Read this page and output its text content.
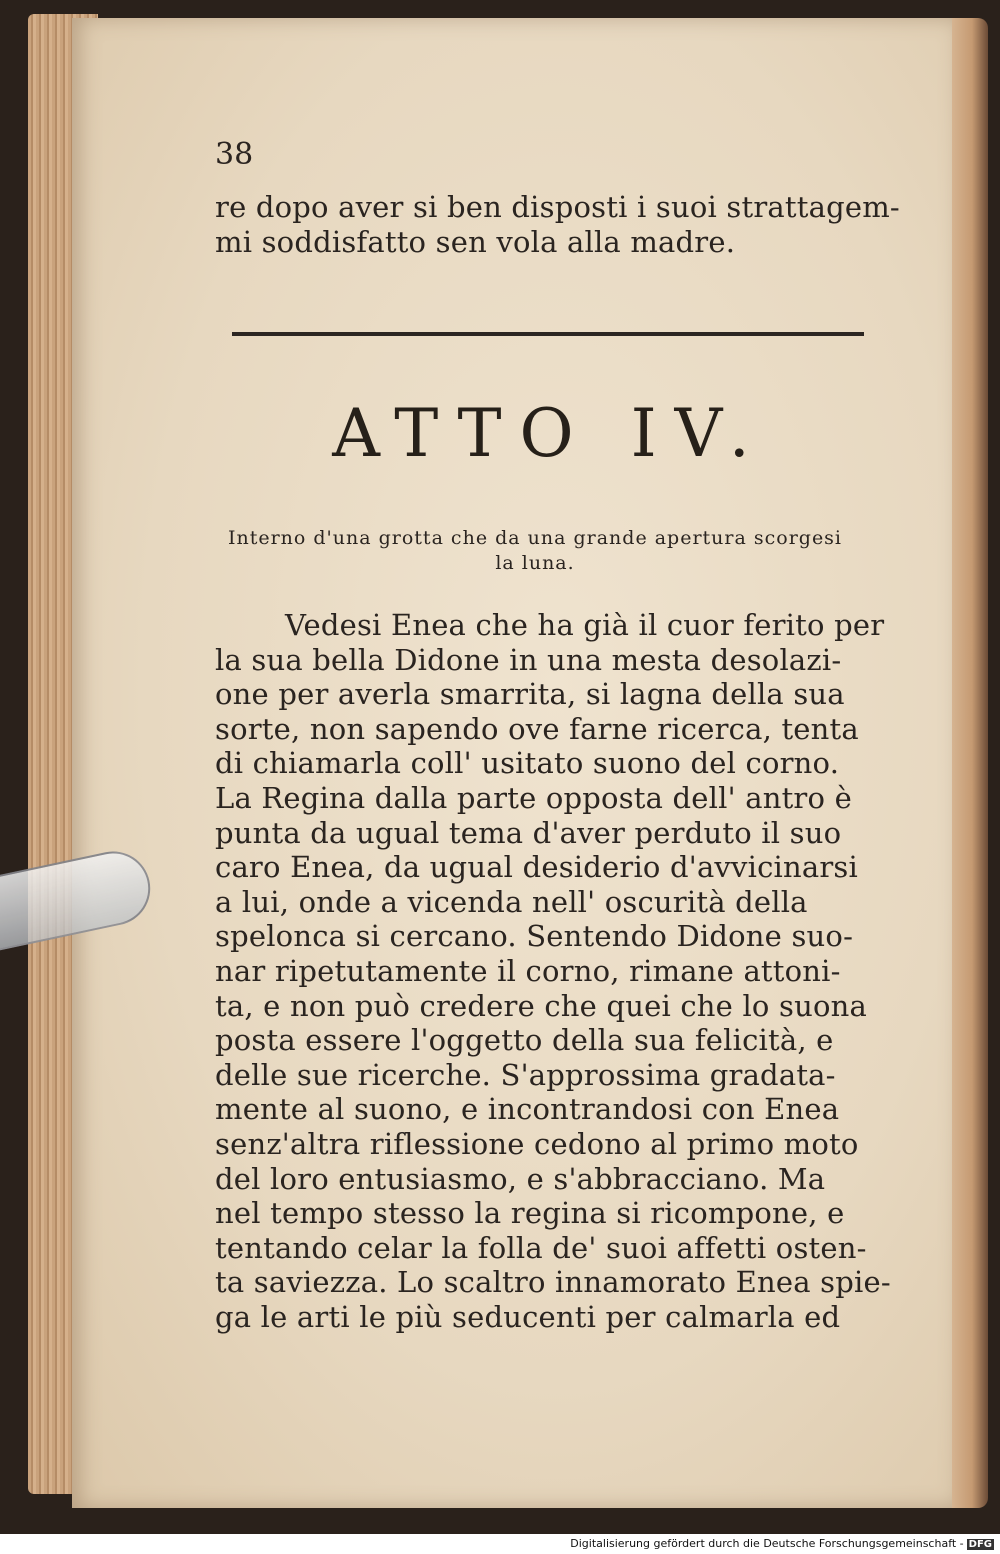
38
re dopo aver si ben disposti i suoi strattagem-
mi soddisfatto sen vola alla madre.
ATTO IV.
Interno d'una grotta che da una grande apertura scorgesi
la luna.
Vedesi Enea che ha già il cuor ferito per
la sua bella Didone in una mesta desolazi-
one per averla smarrita, si lagna della sua
sorte, non sapendo ove farne ricerca, tenta
di chiamarla coll' usitato suono del corno.
La Regina dalla parte opposta dell' antro è
punta da ugual tema d'aver perduto il suo
caro Enea, da ugual desiderio d'avvicinarsi
a lui, onde a vicenda nell' oscurità della
spelonca si cercano. Sentendo Didone suo-
nar ripetutamente il corno, rimane attoni-
ta, e non può credere che quei che lo suona
posta essere l'oggetto della sua felicità, e
delle sue ricerche. S'approssima gradata-
mente al suono, e incontrandosi con Enea
senz'altra riflessione cedono al primo moto
del loro entusiasmo, e s'abbracciano. Ma
nel tempo stesso la regina si ricompone, e
tentando celar la folla de' suoi affetti osten-
ta saviezza. Lo scaltro innamorato Enea spie-
ga le arti le più seducenti per calmarla ed
Digitalisierung gefördert durch die Deutsche Forschungsgemeinschaft - DFG
